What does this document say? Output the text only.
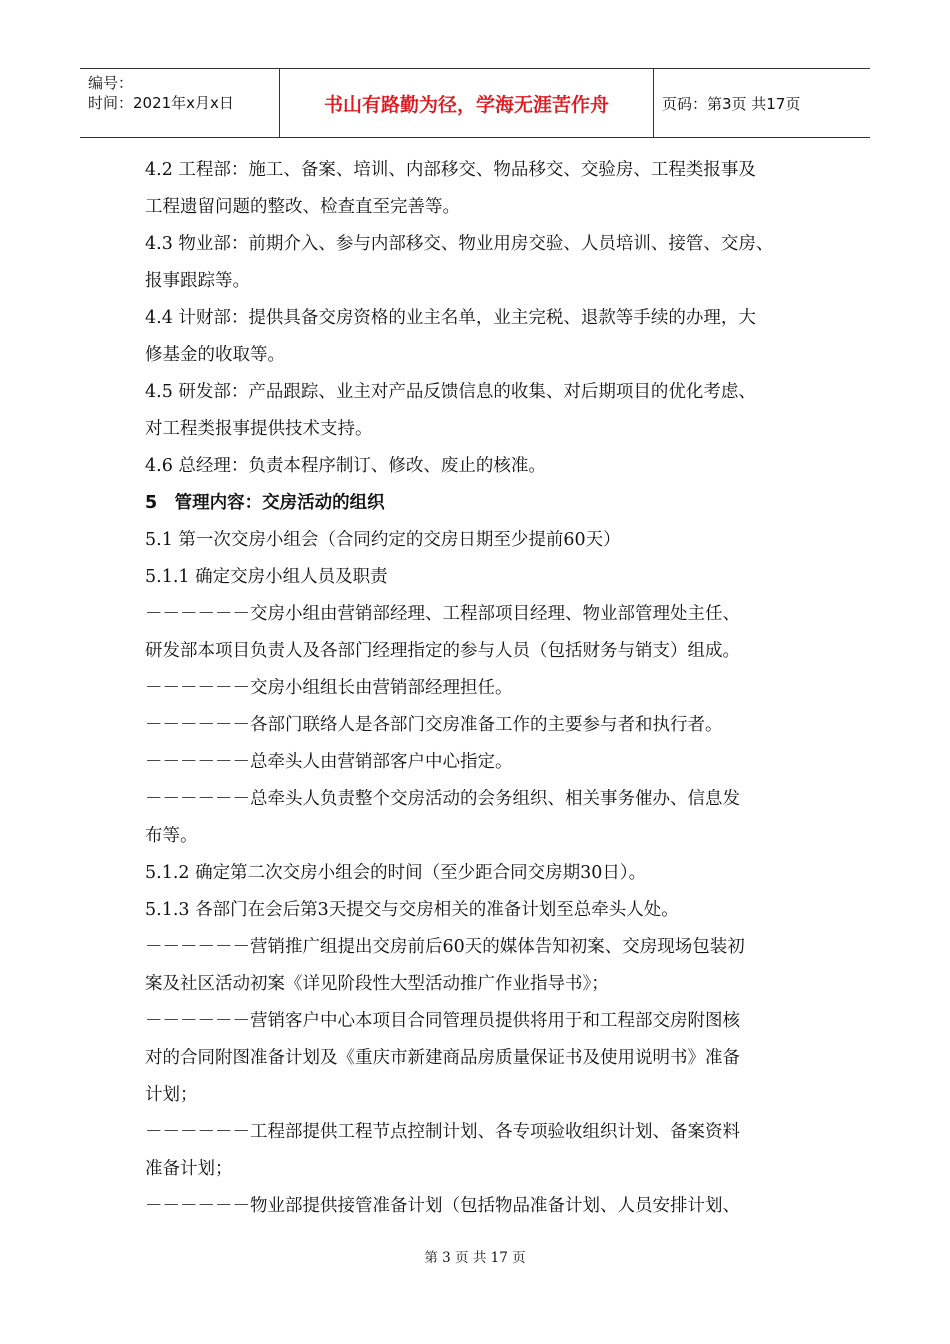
编号：
时间：2021年x月x日	书山有路勤为径，学海无涯苦作舟	页码：第3页 共17页
4.2 工程部：施工、备案、培训、内部移交、物品移交、交验房、工程类报事及
工程遗留问题的整改、检查直至完善等。
4.3 物业部：前期介入、参与内部移交、物业用房交验、人员培训、接管、交房、
报事跟踪等。
4.4 计财部：提供具备交房资格的业主名单，业主完税、退款等手续的办理，大
修基金的收取等。
4.5 研发部：产品跟踪、业主对产品反馈信息的收集、对后期项目的优化考虑、
对工程类报事提供技术支持。
4.6 总经理：负责本程序制订、修改、废止的核准。
5　管理内容：交房活动的组织
5.1 第一次交房小组会（合同约定的交房日期至少提前60天）
5.1.1 确定交房小组人员及职责
－－－－－－交房小组由营销部经理、工程部项目经理、物业部管理处主任、
研发部本项目负责人及各部门经理指定的参与人员（包括财务与销支）组成。
－－－－－－交房小组组长由营销部经理担任。
－－－－－－各部门联络人是各部门交房准备工作的主要参与者和执行者。
－－－－－－总牵头人由营销部客户中心指定。
－－－－－－总牵头人负责整个交房活动的会务组织、相关事务催办、信息发
布等。
5.1.2 确定第二次交房小组会的时间（至少距合同交房期30日）。
5.1.3 各部门在会后第3天提交与交房相关的准备计划至总牵头人处。
－－－－－－营销推广组提出交房前后60天的媒体告知初案、交房现场包装初
案及社区活动初案《详见阶段性大型活动推广作业指导书》；
－－－－－－营销客户中心本项目合同管理员提供将用于和工程部交房附图核
对的合同附图准备计划及《重庆市新建商品房质量保证书及使用说明书》准备
计划；
－－－－－－工程部提供工程节点控制计划、各专项验收组织计划、备案资料
准备计划；
－－－－－－物业部提供接管准备计划（包括物品准备计划、人员安排计划、
第 3 页 共 17 页
